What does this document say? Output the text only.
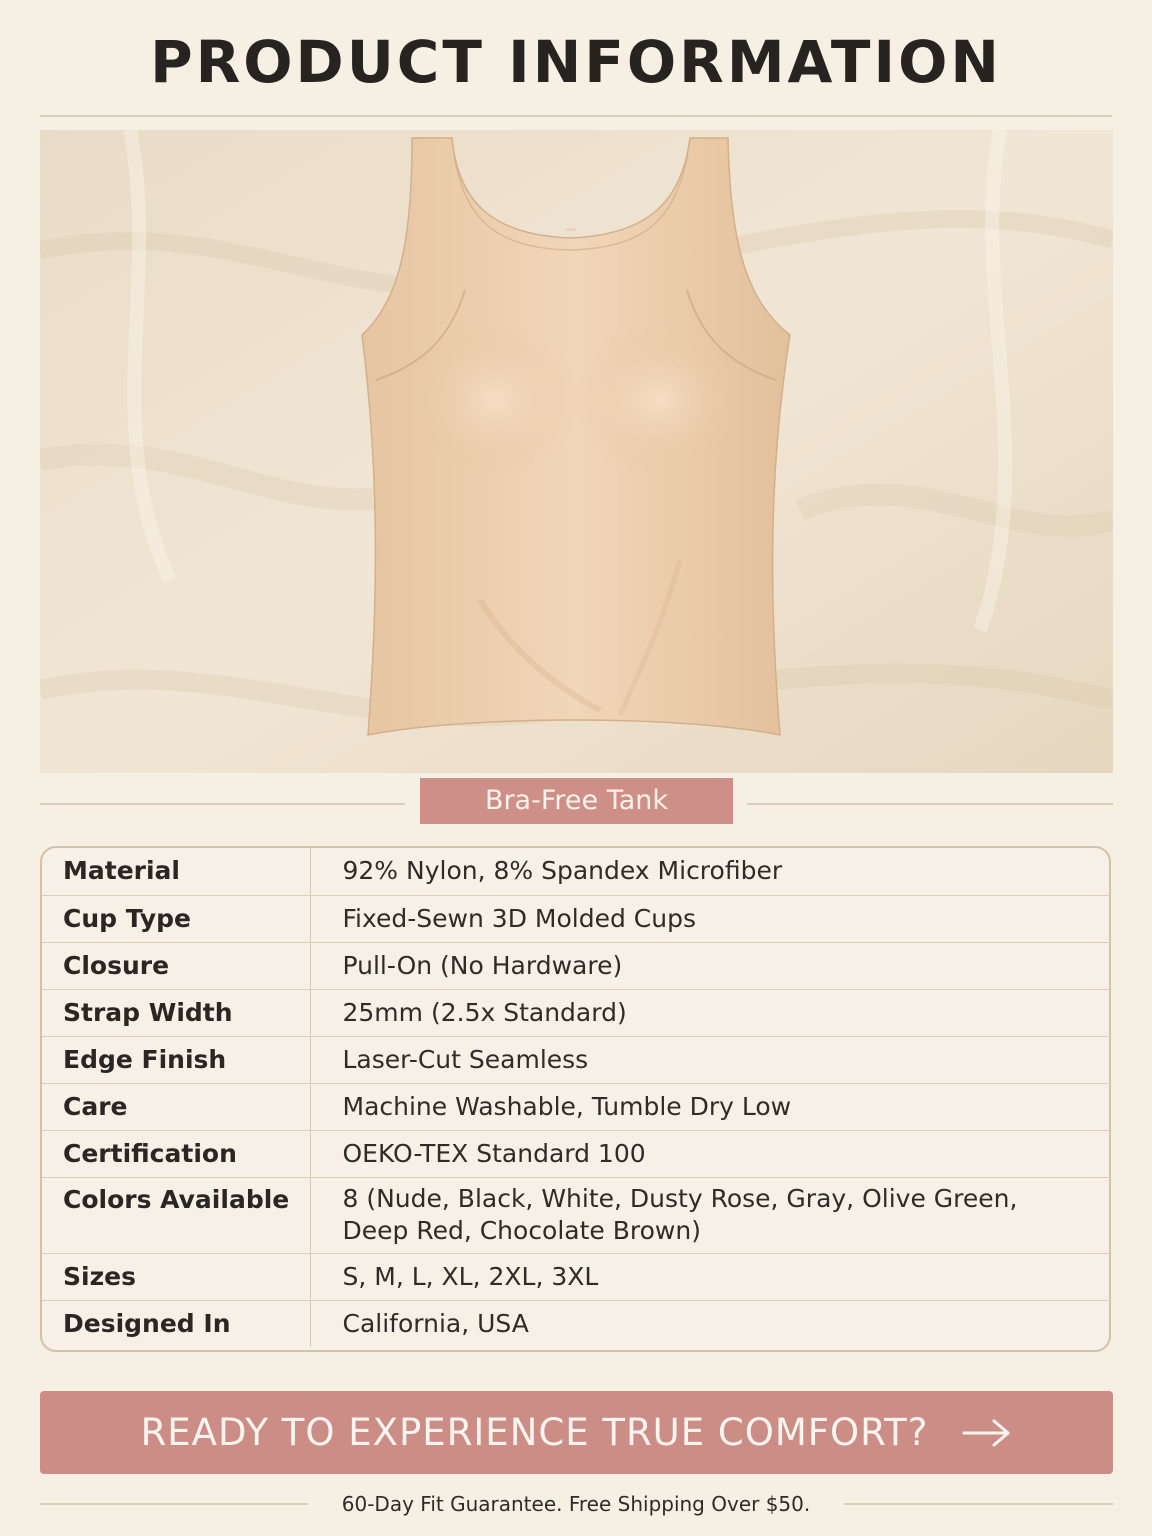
PRODUCT INFORMATION
Bra-Free Tank
Material	92% Nylon, 8% Spandex Microfiber
Cup Type	Fixed-Sewn 3D Molded Cups
Closure	Pull-On (No Hardware)
Strap Width	25mm (2.5x Standard)
Edge Finish	Laser-Cut Seamless
Care	Machine Washable, Tumble Dry Low
Certification	OEKO-TEX Standard 100
Colors Available	8 (Nude, Black, White, Dusty Rose, Gray, Olive Green,
Deep Red, Chocolate Brown)

Sizes	S, M, L, XL, 2XL, 3XL
Designed In	California, USA
READY TO EXPERIENCE TRUE COMFORT?
60-Day Fit Guarantee. Free Shipping Over $50.
